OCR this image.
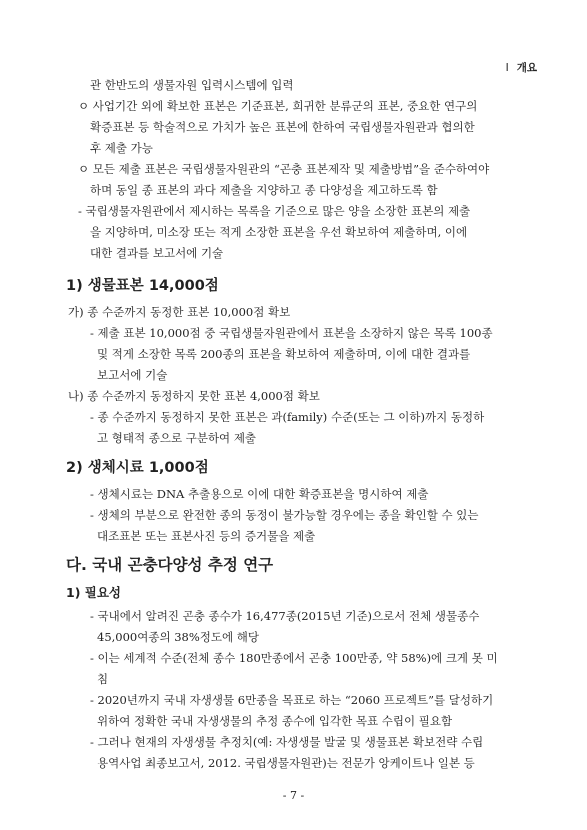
Ⅰ 개요
관 한반도의 생물자원 입력시스템에 입력
ㅇ 사업기간 외에 확보한 표본은 기준표본, 희귀한 분류군의 표본, 중요한 연구의
확증표본 등 학술적으로 가치가 높은 표본에 한하여 국립생물자원관과 협의한
후 제출 가능
ㅇ 모든 제출 표본은 국립생물자원관의 “곤충 표본제작 및 제출방법”을 준수하여야
하며 동일 종 표본의 과다 제출을 지양하고 종 다양성을 제고하도록 함
- 국립생물자원관에서 제시하는 목록을 기준으로 많은 양을 소장한 표본의 제출
을 지양하며, 미소장 또는 적게 소장한 표본을 우선 확보하여 제출하며, 이에
대한 결과를 보고서에 기술
1) 생물표본 14,000점
가) 종 수준까지 동정한 표본 10,000점 확보
- 제출 표본 10,000점 중 국립생물자원관에서 표본을 소장하지 않은 목록 100종
및 적게 소장한 목록 200종의 표본을 확보하여 제출하며, 이에 대한 결과를
보고서에 기술
나) 종 수준까지 동정하지 못한 표본 4,000점 확보
- 종 수준까지 동정하지 못한 표본은 과(family) 수준(또는 그 이하)까지 동정하
고 형태적 종으로 구분하여 제출
2) 생체시료 1,000점
- 생체시료는 DNA 추출용으로 이에 대한 확증표본을 명시하여 제출
- 생체의 부분으로 완전한 종의 동정이 불가능할 경우에는 종을 확인할 수 있는
대조표본 또는 표본사진 등의 증거물을 제출
다. 국내 곤충다양성 추정 연구
1) 필요성
- 국내에서 알려진 곤충 종수가 16,477종(2015년 기준)으로서 전체 생물종수
45,000여종의 38%정도에 해당
- 이는 세계적 수준(전체 종수 180만종에서 곤충 100만종, 약 58%)에 크게 못 미
침
- 2020년까지 국내 자생생물 6만종을 목표로 하는 “2060 프로젝트”를 달성하기
위하여 정확한 국내 자생생물의 추정 종수에 입각한 목표 수립이 필요함
- 그러나 현재의 자생생물 추정치(예: 자생생물 발굴 및 생물표본 확보전략 수립
용역사업 최종보고서, 2012. 국립생물자원관)는 전문가 앙케이트나 일본 등
- 7 -
